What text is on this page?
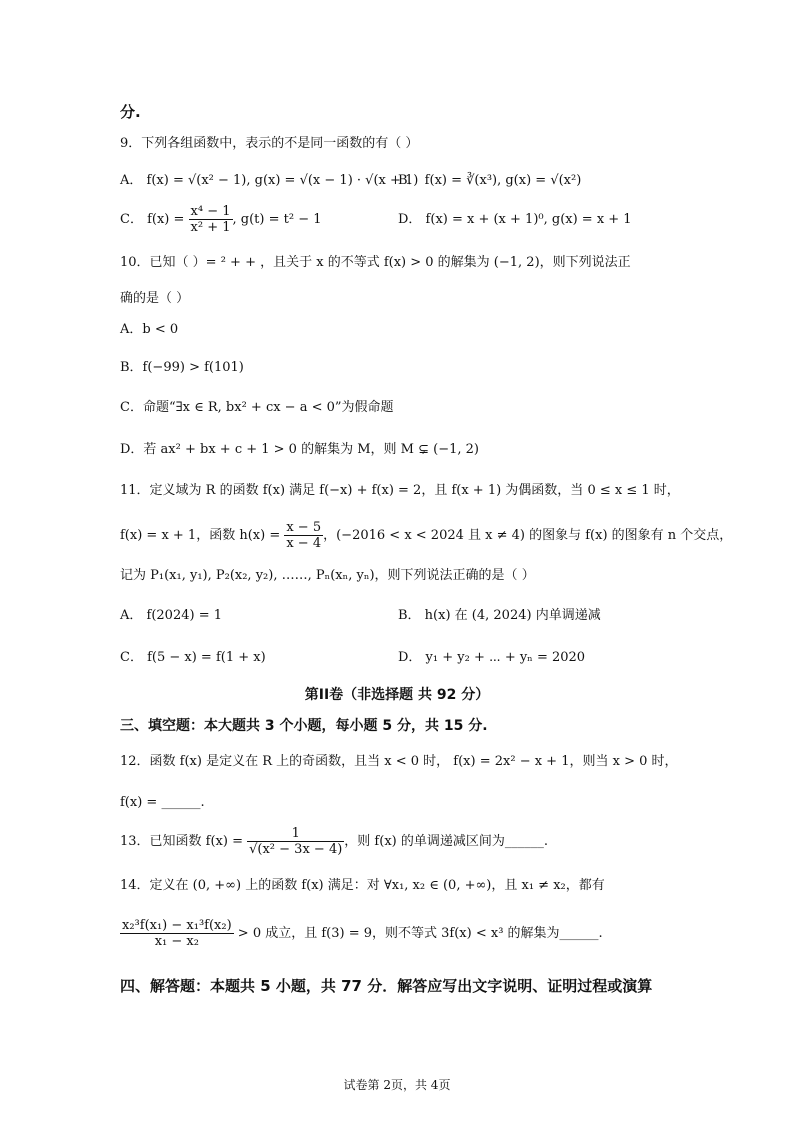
分.
9．下列各组函数中，表示的不是同一函数的有（ ）
A． f(x) = √(x² − 1), g(x) = √(x − 1) · √(x + 1)
B． f(x) = ∛(x³), g(x) = √(x²)
C． $f(x) = \frac{\text{x⁴ − 1}}{\text{x² + 1}}$ , g(t) = t² − 1	D． f(x) = x + (x + 1)⁰, g(x) = x + 1
10．已知（ ）= ² + + ，且关于 x 的不等式 f(x) > 0 的解集为 (−1, 2)，则下列说法正
确的是（ ）
A．b < 0
B．f(−99) > f(101)
C．命题“∃x ∈ R, bx² + cx − a < 0”为假命题
D．若 ax² + bx + c + 1 > 0 的解集为 M，则 M ⊊ (−1, 2)
11．定义域为 R 的函数 f(x) 满足 f(−x) + f(x) = 2，且 f(x + 1) 为偶函数，当 0 ≤ x ≤ 1 时，
f(x) = x + 1，函数 $h(x) = \frac{x - 5}{x - 4}$ ，(−2016 < x < 2024 且 x ≠ 4) 的图象与 f(x) 的图象有 n 个交点，
记为 P₁(x₁, y₁), P₂(x₂, y₂), ……, Pₙ(xₙ, yₙ)，则下列说法正确的是（ ）
A． f(2024) = 1	B． h(x) 在 (4, 2024) 内单调递减
C． f(5 − x) = f(1 + x)	D． y₁ + y₂ + ⋯ + yₙ = 2020
第II卷（非选择题 共 92 分）
三、填空题：本大题共 3 个小题，每小题 5 分，共 15 分.
12．函数 f(x) 是定义在 R 上的奇函数，且当 x < 0 时， f(x) = 2x² − x + 1，则当 x > 0 时，
f(x) = ______.
13．已知函数 $f(x) = \frac{1}{\text{√(x² − 3x − 4)}}$ ，则 f(x) 的单调递减区间为______.
14．定义在 (0, +∞) 上的函数 f(x) 满足：对 ∀x₁, x₂ ∈ (0, +∞)，且 x₁ ≠ x₂，都有
$\frac{\text{x₂³f(x₁) − x₁³f(x₂)}}{\text{x₁ − x₂}} > 0$ 成立，且 f(3) = 9，则不等式 3f(x) < x³ 的解集为______.
四、解答题：本题共 5 小题，共 77 分．解答应写出文字说明、证明过程或演算
试卷第 2页，共 4页
